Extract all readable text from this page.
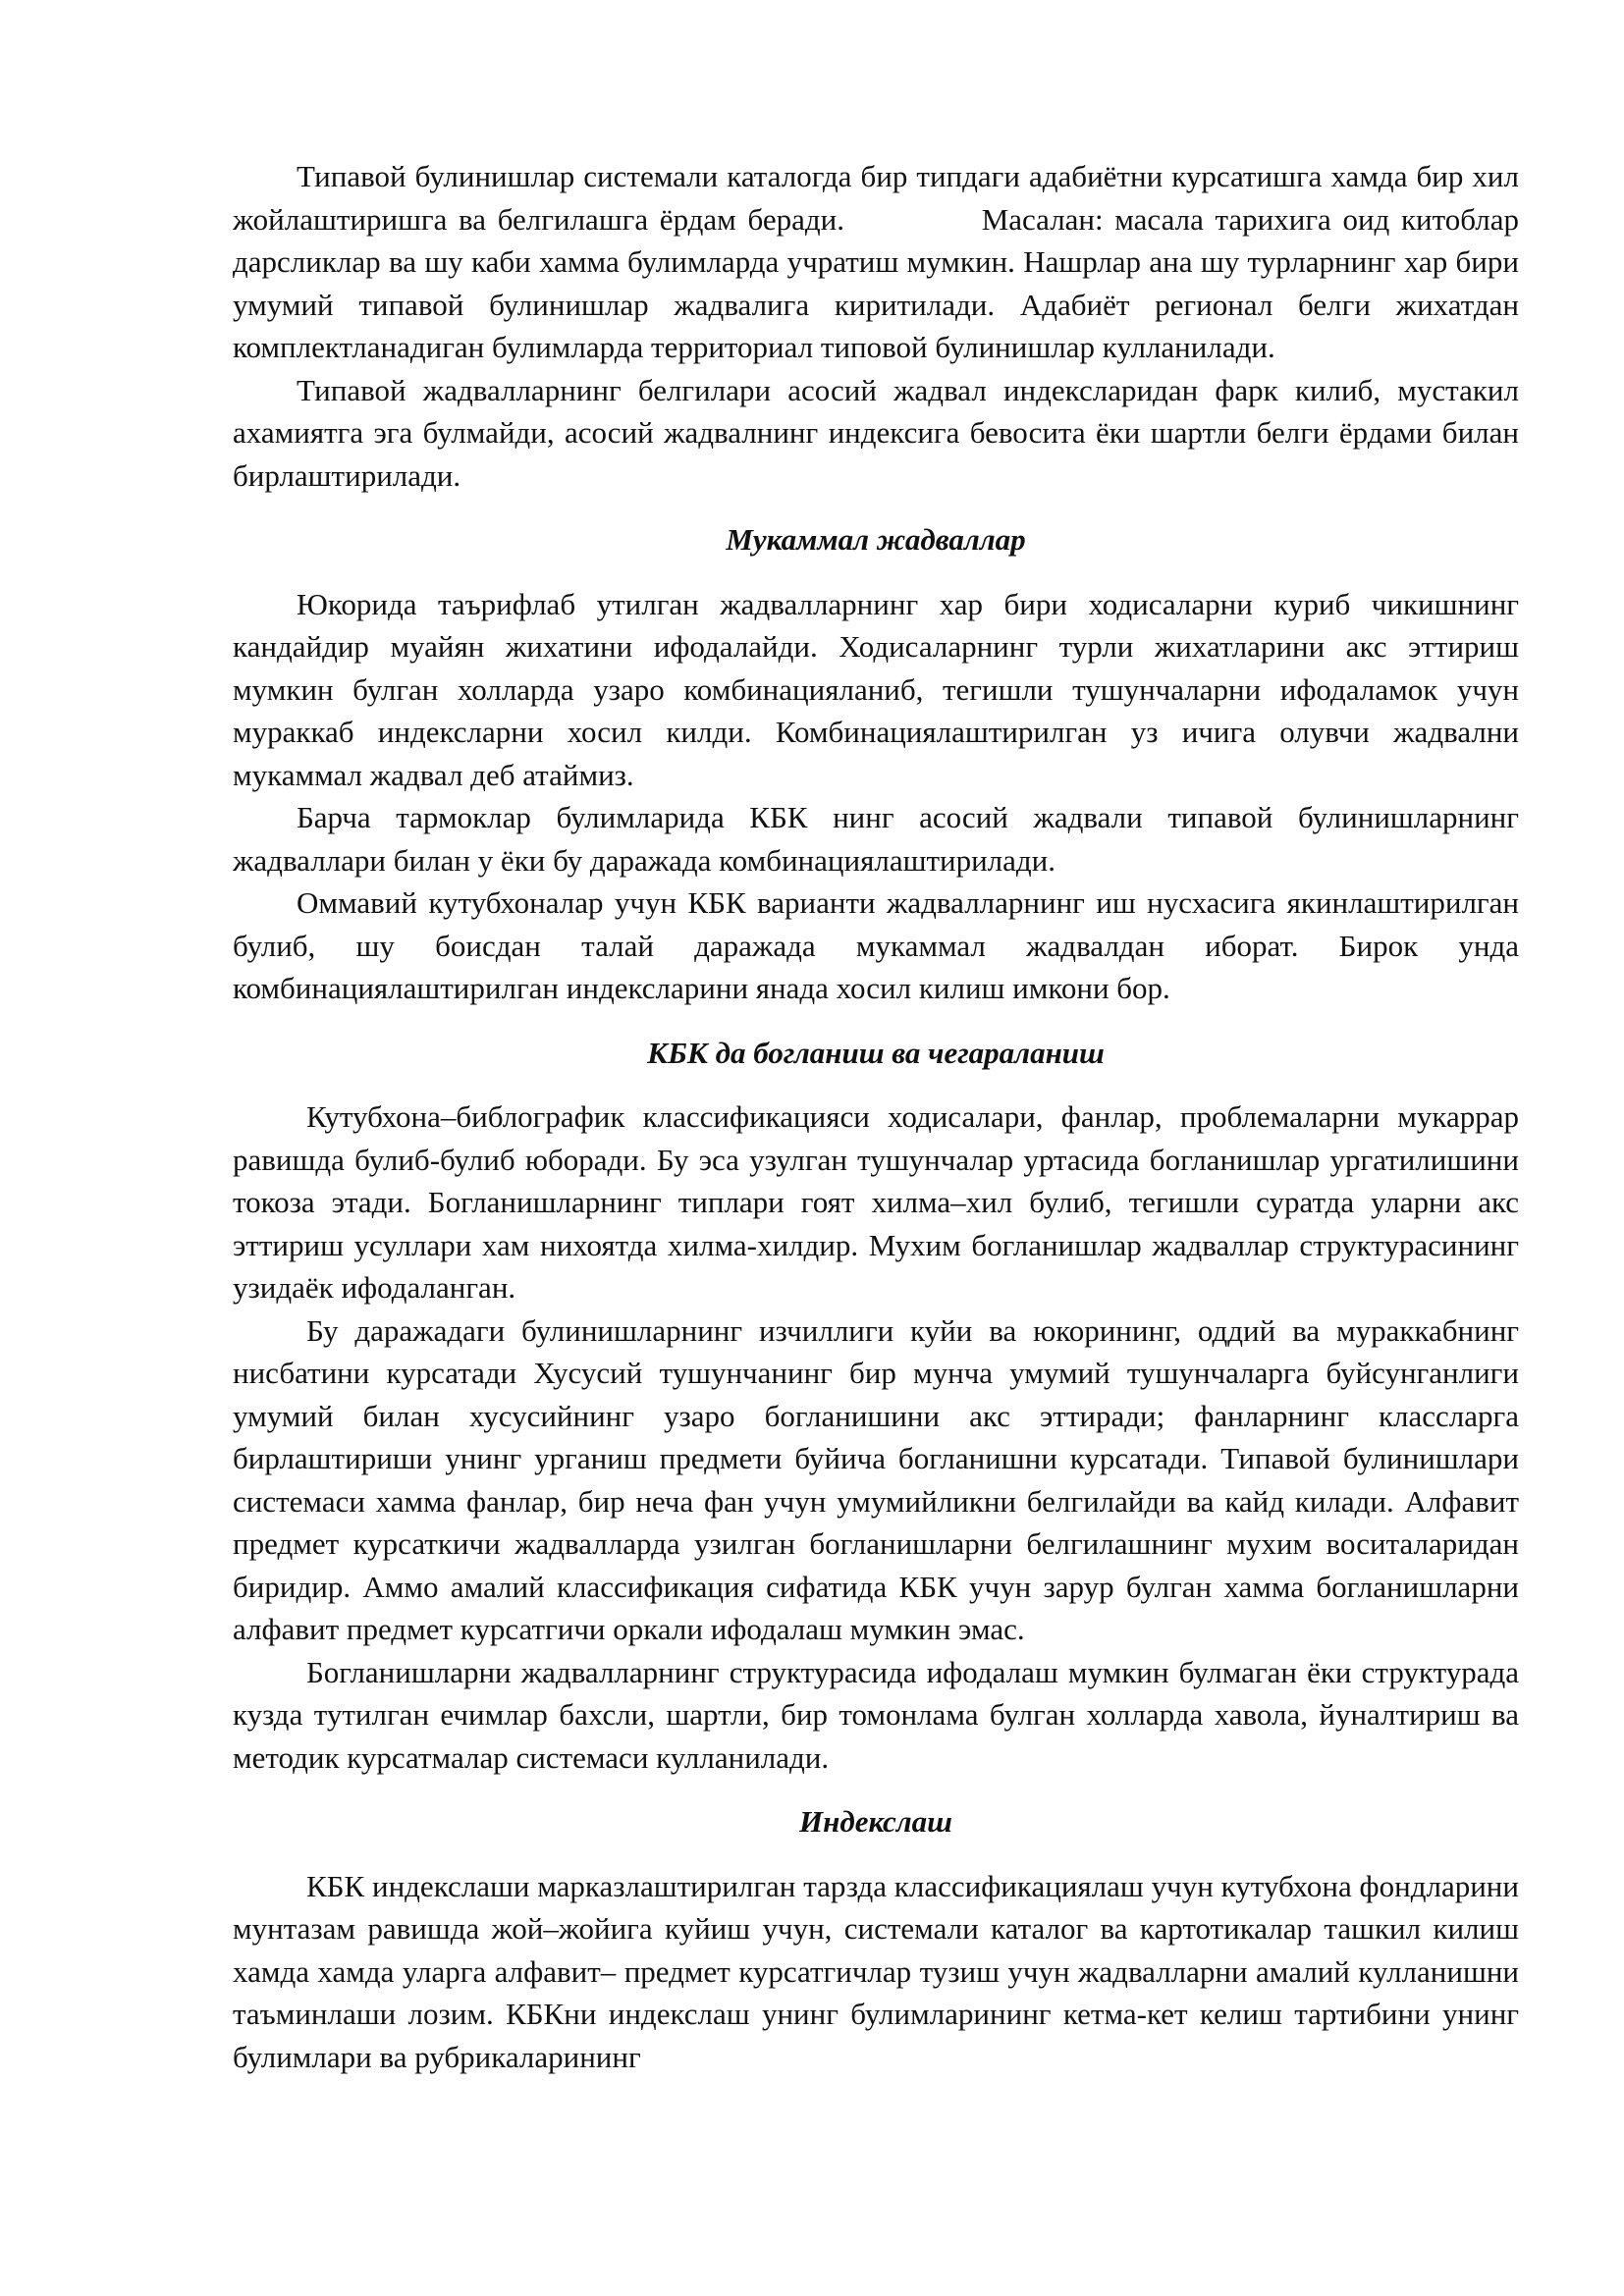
Типавой булинишлар системали каталогда бир типдаги адабиётни курсатишга хамда бир хил жойлаштиришга ва белгилашга ёрдам беради.            Масалан: масала тарихига оид китоблар дарсликлар ва шу каби хамма булимларда учратиш мумкин. Нашрлар ана шу турларнинг хар бири умумий типавой булинишлар жадвалига киритилади. Адабиёт регионал белги жихатдан комплектланадиган булимларда территориал типовой булинишлар кулланилади.

Типавой жадвалларнинг белгилари асосий жадвал индексларидан фарк килиб, мустакил ахамиятга эга булмайди, асосий жадвалнинг индексига бевосита ёки шартли белги ёрдами билан бирлаштирилади.

Мукаммал жадваллар

Юкорида таърифлаб утилган жадвалларнинг хар бири ходисаларни куриб чикишнинг кандайдир муайян жихатини ифодалайди. Ходисаларнинг турли жихатларини акс эттириш мумкин булган холларда узаро комбинацияланиб, тегишли тушунчаларни ифодаламок учун мураккаб индексларни хосил килди. Комбинациялаштирилган уз ичига олувчи жадвални мукаммал жадвал деб атаймиз.

Барча тармоклар булимларида КБК нинг асосий жадвали типавой булинишларнинг жадваллари билан у ёки бу даражада комбинациялаштирилади.

Оммавий кутубхоналар учун КБК варианти жадвалларнинг иш нусхасига якинлаштирилган булиб, шу боисдан талай даражада мукаммал жадвалдан иборат. Бирок унда комбинациялаштирилган индексларини янада хосил килиш имкони бор.

КБК да богланиш ва чегараланиш

Кутубхона–библографик классификацияси ходисалари, фанлар, проблемаларни мукаррар равишда булиб-булиб юборади. Бу эса узулган тушунчалар уртасида богланишлар ургатилишини токоза этади. Богланишларнинг типлари гоят хилма–хил булиб, тегишли суратда уларни акс эттириш усуллари хам нихоятда хилма-хилдир. Мухим богланишлар жадваллар структурасининг узидаёк ифодаланган.

Бу даражадаги булинишларнинг изчиллиги куйи ва юкорининг, оддий ва мураккабнинг нисбатини курсатади Хусусий тушунчанинг бир мунча умумий тушунчаларга буйсунганлиги умумий билан хусусийнинг узаро богланишини акс эттиради; фанларнинг классларга бирлаштириши унинг урганиш предмети буйича богланишни курсатади. Типавой булинишлари системаси хамма фанлар, бир неча фан учун умумийликни белгилайди ва кайд килади. Алфавит предмет курсаткичи жадвалларда узилган богланишларни белгилашнинг мухим воситаларидан биридир. Аммо амалий классификация сифатида КБК учун зарур булган хамма богланишларни алфавит предмет курсатгичи оркали ифодалаш мумкин эмас.

Богланишларни жадвалларнинг структурасида ифодалаш мумкин булмаган ёки структурада кузда тутилган ечимлар бахсли, шартли, бир томонлама булган холларда хавола, йуналтириш ва методик курсатмалар системаси кулланилади.

Индекслаш

КБК индекслаши марказлаштирилган тарзда классификациялаш учун кутубхона фондларини мунтазам равишда жой–жойига куйиш учун, системали каталог ва картотикалар ташкил килиш хамда хамда уларга алфавит– предмет курсатгичлар тузиш учун жадвалларни амалий кулланишни таъминлаши лозим. КБКни индекслаш унинг булимларининг кетма-кет келиш тартибини унинг булимлари ва рубрикаларининг
